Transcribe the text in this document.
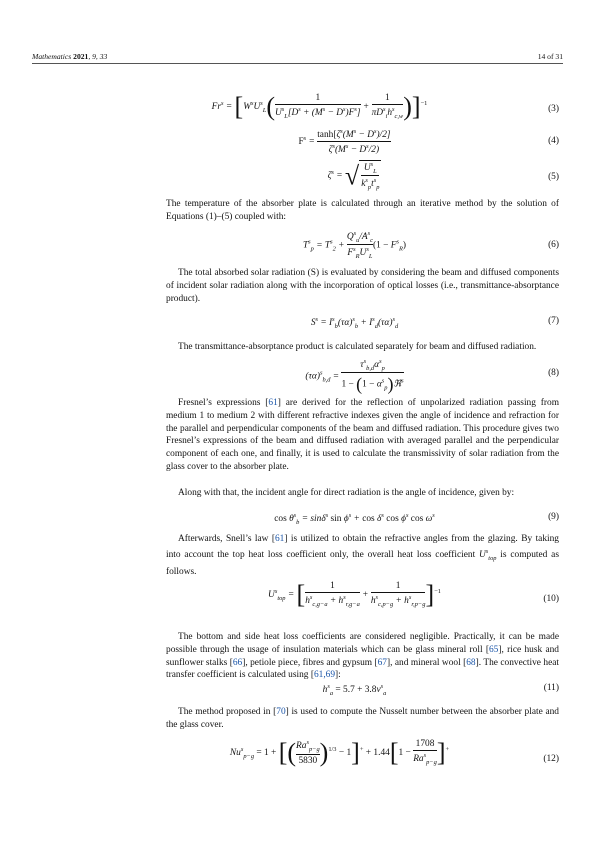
Mathematics 2021, 9, 33	14 of 31
$Fr^s = [W^sU^s_L( \frac{1}{U^s_L[D^s + (M^s - D^s)F^s]} + \frac{1}{\pi D^s_ih^s_{c,w}} )]^{-1}$
(3)
$F^s = \frac{\tanh[\zeta^s(M^s - D^s)/2]}{\zeta^s(M^s - D^s/2)}$	(4)
$\zeta^s$ = √ $\frac{U^s_L}{k^s_pt^s_p}$	(5)
The temperature of the absorber plate is calculated through an iterative method by the solution of Equations (1)–(5) coupled with:
$T^s_p = T^s_2 + \frac{Q^s_u/A^s_c}{F^s_RU^s_L} (1 - F^s_R)$	(6)
The total absorbed solar radiation (S) is evaluated by considering the beam and diffused components of incident solar radiation along with the incorporation of optical losses (i.e., transmittance-absorptance product).
$S^s = I^s_b(\tau\alpha)^s_b + I^s_d(\tau\alpha)^s_d$
(7)
The transmittance-absorptance product is calculated separately for beam and diffused radiation.
$(\tau\alpha)^s_{b,d} = \frac{\tau^s_{b,d}\alpha^s_p}{1 - (1 - \alpha^s_p)ℜ^s}$	(8)
Fresnel’s expressions [61] are derived for the reflection of unpolarized radiation passing from medium 1 to medium 2 with different refractive indexes given the angle of incidence and refraction for the parallel and perpendicular components of the beam and diffused radiation. This procedure gives two Fresnel’s expressions of the beam and diffused radiation with averaged parallel and the perpendicular component of each one, and finally, it is used to calculate the transmissivity of solar radiation from the glass cover to the absorber plate.
Along with that, the incident angle for direct radiation is the angle of incidence, given by:
$\cos \theta^s_b = \sin\delta^s$ $\sin \phi^s + \cos \delta^s$ $\cos \phi^s$ $\cos \omega^s$	(9)
Afterwards, Snell’s law [61] is utilized to obtain the refractive angles from the glazing. By taking into account the top heat loss coefficient only, the overall heat loss coefficient $U^s_{top}$ is computed as follows.
$U^s_{top}$ = [ $\frac{1}{h^s_{c,g-a} + h^s_{r,g-a}} + \frac{1}{h^s_{c,p-g} + h^s_{r,p-g}} ]^{-1}$
(10)
The bottom and side heat loss coefficients are considered negligible. Practically, it can be made possible through the usage of insulation materials which can be glass mineral roll [65], rice husk and sunflower stalks [66], petiole piece, fibres and gypsum [67], and mineral wool [68]. The convective heat transfer coefficient is calculated using [61,69]:
$h^s_a = 5.7 + 3.8v^s_a$
(11)
The method proposed in [70] is used to compute the Nusselt number between the absorber plate and the glass cover.
$Nu^s_{p-g} = 1$ + [( $\frac{Ra^s_{p-g}}{5830} )^{1/3} - 1]^+ + 1.44[1 - \frac{1708}{Ra^s_{p-g}} ]^+$
(12)
